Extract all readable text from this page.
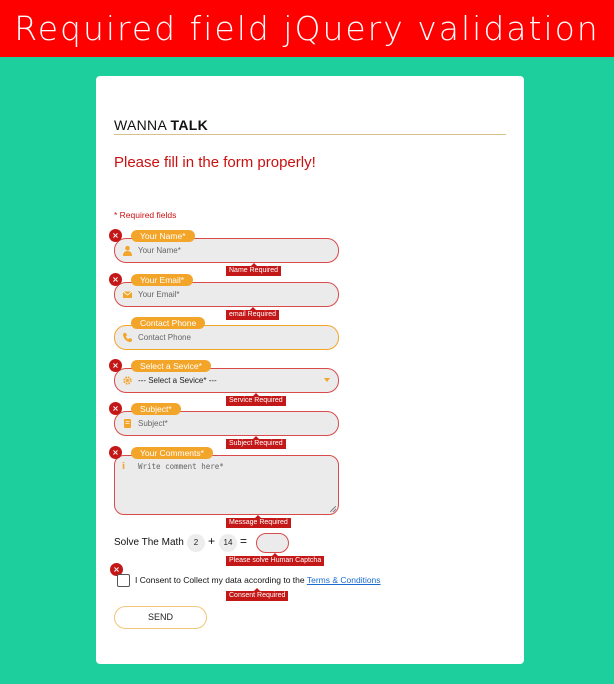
Required field jQuery validation
WANNA TALK
Please fill in the form properly!
* Required fields
Your Name*
Your Name*
×
Name Required
Your Email*
Your Email*
×
email Required
Contact Phone
Contact Phone
--- Select a Sevice* ---
Select a Sevice*
×
Service Required
Subject*
Subject*
×
Subject Required
i Write comment here*
Your Comments*
×
Message Required
Solve The Math	2 +	14 =
Please solve Human Captcha
×
I Consent to Collect my data according to the Terms & Conditions
Consent Required
SEND
